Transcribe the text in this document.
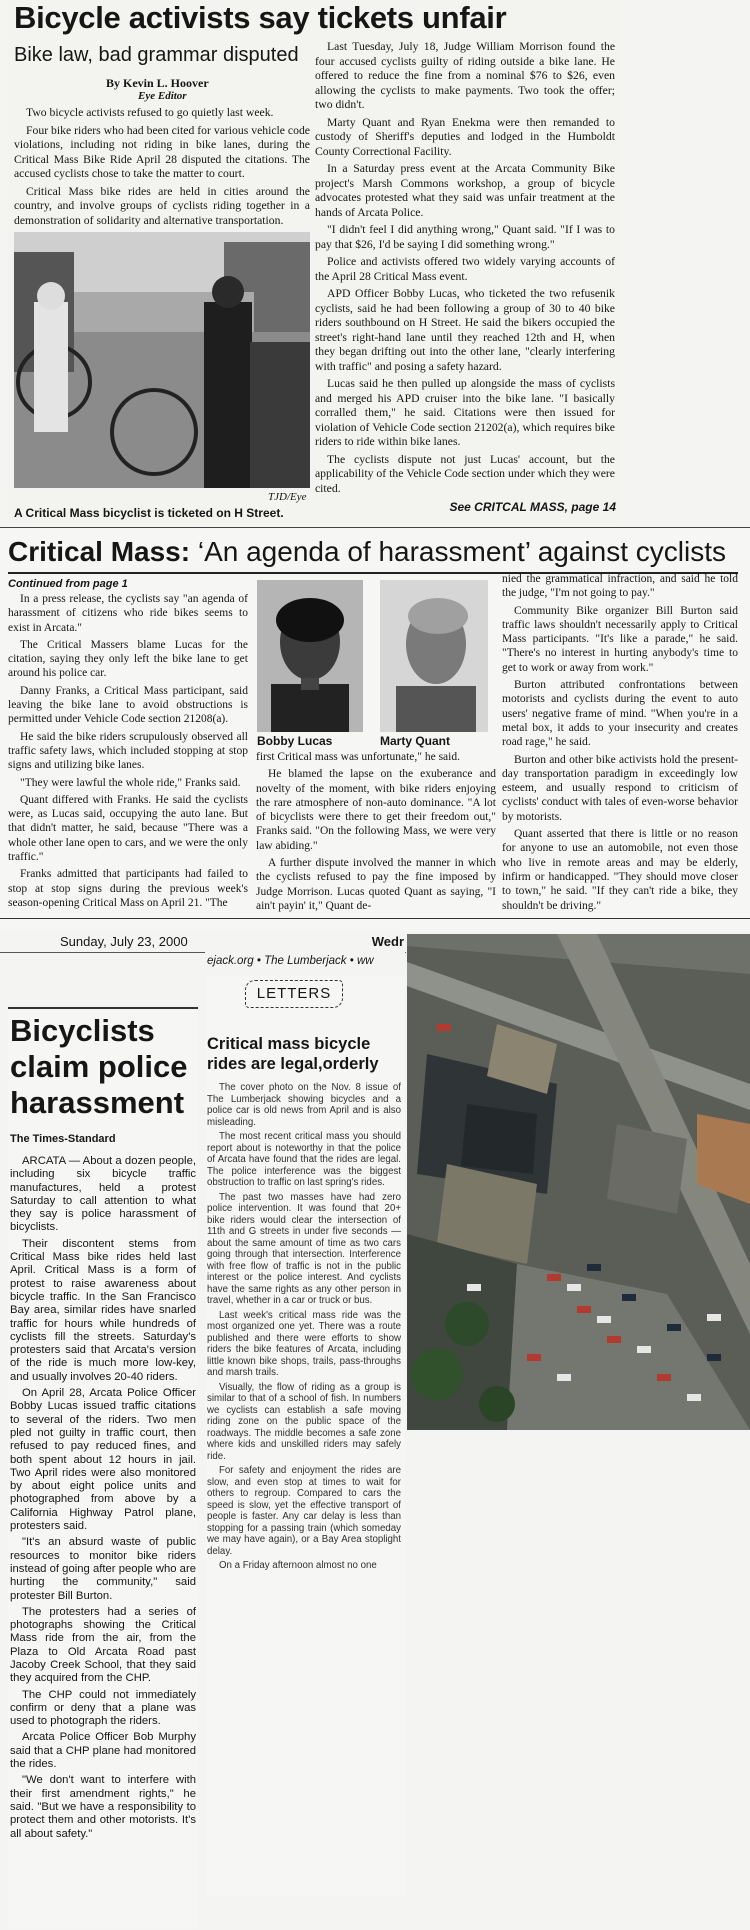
Bicycle activists say tickets unfair
Bike law, bad grammar disputed
By Kevin L. Hoover
Eye Editor

Two bicycle activists refused to go quietly last week.

Four bike riders who had been cited for various vehicle code violations, including not riding in bike lanes, during the Critical Mass Bike Ride April 28 disputed the citations. The accused cyclists chose to take the matter to court.

Critical Mass bike rides are held in cities around the country, and involve groups of cyclists riding together in a demonstration of solidarity and alternative transportation.

TJD/Eye
A Critical Mass bicyclist is ticketed on H Street.

Last Tuesday, July 18, Judge William Morrison found the four accused cyclists guilty of riding outside a bike lane. He offered to reduce the fine from a nominal $76 to $26, even allowing the cyclists to make payments. Two took the offer; two didn't.

Marty Quant and Ryan Enekma were then remanded to custody of Sheriff's deputies and lodged in the Humboldt County Correctional Facility.

In a Saturday press event at the Arcata Community Bike project's Marsh Commons workshop, a group of bicycle advocates protested what they said was unfair treatment at the hands of Arcata Police.

"I didn't feel I did anything wrong," Quant said. "If I was to pay that $26, I'd be saying I did something wrong."

Police and activists offered two widely varying accounts of the April 28 Critical Mass event.

APD Officer Bobby Lucas, who ticketed the two refusenik cyclists, said he had been following a group of 30 to 40 bike riders southbound on H Street. He said the bikers occupied the street's right-hand lane until they reached 12th and H, when they began drifting out into the other lane, "clearly interfering with traffic" and posing a safety hazard.

Lucas said he then pulled up alongside the mass of cyclists and merged his APD cruiser into the bike lane. "I basically corralled them," he said. Citations were then issued for violation of Vehicle Code section 21202(a), which requires bike riders to ride within bike lanes.

The cyclists dispute not just Lucas' account, but the applicability of the Vehicle Code section under which they were cited.

See CRITCAL MASS, page 14
Critical Mass: ‘An agenda of harassment’ against cyclists
Continued from page 1

In a press release, the cyclists say "an agenda of harassment of citizens who ride bikes seems to exist in Arcata."

The Critical Massers blame Lucas for the citation, saying they only left the bike lane to get around his police car.

Danny Franks, a Critical Mass participant, said leaving the bike lane to avoid obstructions is permitted under Vehicle Code section 21208(a).

He said the bike riders scrupulously observed all traffic safety laws, which included stopping at stop signs and utilizing bike lanes.

"They were lawful the whole ride," Franks said.

Quant differed with Franks. He said the cyclists were, as Lucas said, occupying the auto lane. But that didn't matter, he said, because "There was a whole other lane open to cars, and we were the only traffic."

Franks admitted that participants had failed to stop at stop signs during the previous week's season-opening Critical Mass on April 21. "The

Bobby Lucas	Marty Quant

first Critical mass was unfortunate," he said.

He blamed the lapse on the exuberance and novelty of the moment, with bike riders enjoying the rare atmosphere of non-auto dominance. "A lot of bicyclists were there to get their freedom out," Franks said. "On the following Mass, we were very law abiding."

A further dispute involved the manner in which the cyclists refused to pay the fine imposed by Judge Morrison. Lucas quoted Quant as saying, "I ain't payin' it," Quant de-

nied the grammatical infraction, and said he told the judge, "I'm not going to pay."

Community Bike organizer Bill Burton said traffic laws shouldn't necessarily apply to Critical Mass participants. "It's like a parade," he said. "There's no interest in hurting anybody's time to get to work or away from work."

Burton attributed confrontations between motorists and cyclists during the event to auto users' negative frame of mind. "When you're in a metal box, it adds to your insecurity and creates road rage," he said.

Burton and other bike activists hold the present-day transportation paradigm in exceedingly low esteem, and usually respond to criticism of cyclists' conduct with tales of even-worse behavior by motorists.

Quant asserted that there is little or no reason for anyone to use an automobile, not even those who live in remote areas and may be elderly, infirm or handicapped. "They should move closer to town," he said. "If they can't ride a bike, they shouldn't be driving."

Sunday, July 23, 2000	Wedr
Bicyclists claim police harassment
The Times-Standard

ARCATA — About a dozen people, including six bicycle traffic manufactures, held a protest Saturday to call attention to what they say is police harassment of bicyclists.

Their discontent stems from Critical Mass bike rides held last April. Critical Mass is a form of protest to raise awareness about bicycle traffic. In the San Francisco Bay area, similar rides have snarled traffic for hours while hundreds of cyclists fill the streets. Saturday's protesters said that Arcata's version of the ride is much more low-key, and usually involves 20-40 riders.

On April 28, Arcata Police Officer Bobby Lucas issued traffic citations to several of the riders. Two men pled not guilty in traffic court, then refused to pay reduced fines, and both spent about 12 hours in jail. Two April rides were also monitored by about eight police units and photographed from above by a California Highway Patrol plane, protesters said.

"It's an absurd waste of public resources to monitor bike riders instead of going after people who are hurting the community," said protester Bill Burton.

The protesters had a series of photographs showing the Critical Mass ride from the air, from the Plaza to Old Arcata Road past Jacoby Creek School, that they said they acquired from the CHP.

The CHP could not immediately confirm or deny that a plane was used to photograph the riders.

Arcata Police Officer Bob Murphy said that a CHP plane had monitored the rides.

"We don't want to interfere with their first amendment rights," he said. "But we have a responsibility to protect them and other motorists. It's all about safety."

ejack.org • The Lumberjack • ww
LETTERS
Critical mass bicycle rides are legal,orderly

The cover photo on the Nov. 8 issue of The Lumberjack showing bicycles and a police car is old news from April and is also misleading.

The most recent critical mass you should report about is noteworthy in that the police of Arcata have found that the rides are legal. The police interference was the biggest obstruction to traffic on last spring's rides.

The past two masses have had zero police intervention. It was found that 20+ bike riders would clear the intersection of 11th and G streets in under five seconds — about the same amount of time as two cars going through that intersection. Interference with free flow of traffic is not in the public interest or the police interest. And cyclists have the same rights as any other person in travel, whether in a car or truck or bus.

Last week's critical mass ride was the most organized one yet. There was a route published and there were efforts to show riders the bike features of Arcata, including little known bike shops, trails, pass-throughs and marsh trails.

Visually, the flow of riding as a group is similar to that of a school of fish. In numbers we cyclists can establish a safe moving riding zone on the public space of the roadways. The middle becomes a safe zone where kids and unskilled riders may safely ride.

For safety and enjoyment the rides are slow, and even stop at times to wait for others to regroup. Compared to cars the speed is slow, yet the effective transport of people is faster. Any car delay is less than stopping for a passing train (which someday we may have again), or a Bay Area stoplight delay.

On a Friday afternoon almost no one
